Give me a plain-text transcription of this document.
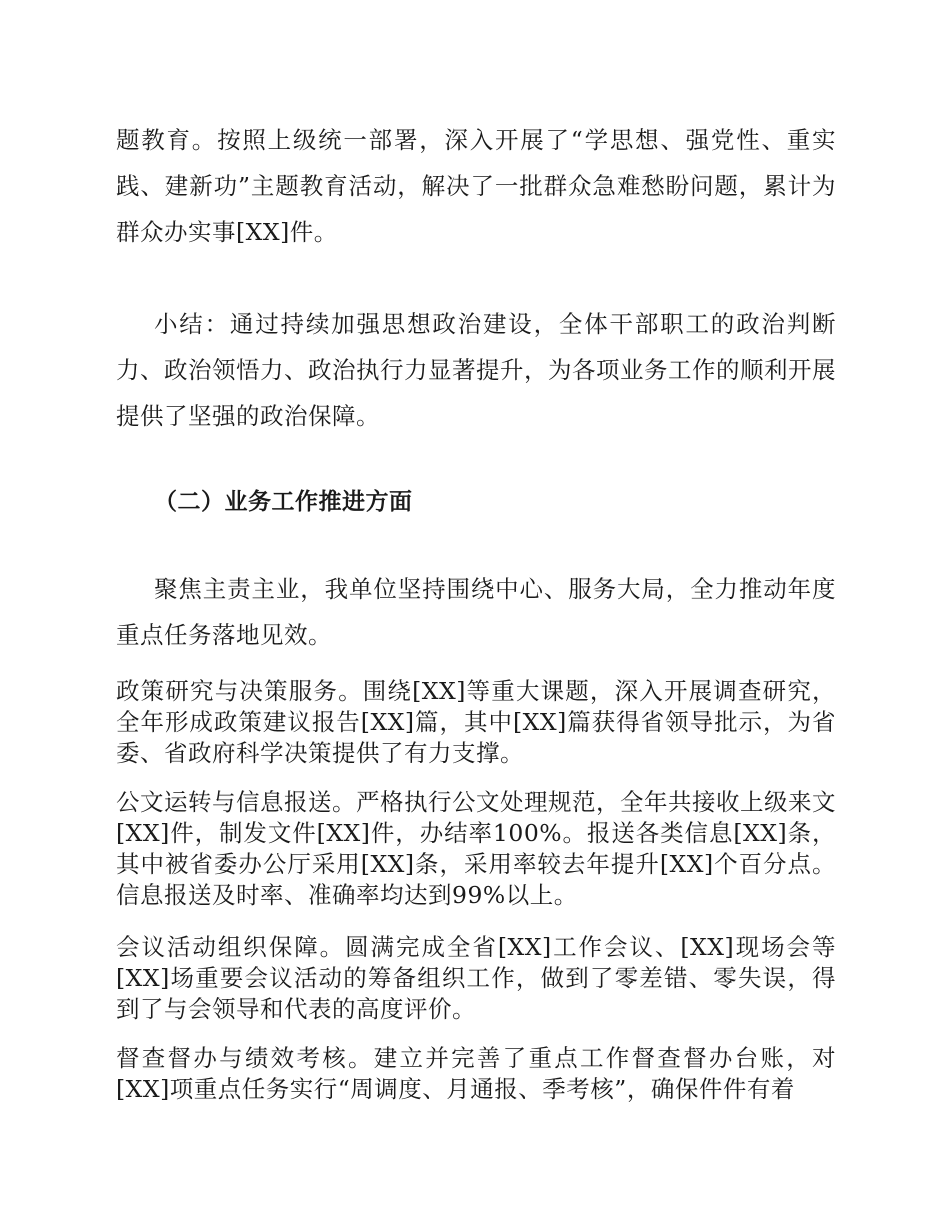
题教育。按照上级统一部署，深入开展了“学思想、强党性、重实践、建新功”主题教育活动，解决了一批群众急难愁盼问题，累计为群众办实事[XX]件。

小结：通过持续加强思想政治建设，全体干部职工的政治判断力、政治领悟力、政治执行力显著提升，为各项业务工作的顺利开展提供了坚强的政治保障。

（二）业务工作推进方面

聚焦主责主业，我单位坚持围绕中心、服务大局，全力推动年度重点任务落地见效。

政策研究与决策服务。围绕[XX]等重大课题，深入开展调查研究，全年形成政策建议报告[XX]篇，其中[XX]篇获得省领导批示，为省委、省政府科学决策提供了有力支撑。

公文运转与信息报送。严格执行公文处理规范，全年共接收上级来文[XX]件，制发文件[XX]件，办结率100%。报送各类信息[XX]条，其中被省委办公厅采用[XX]条，采用率较去年提升[XX]个百分点。信息报送及时率、准确率均达到99%以上。

会议活动组织保障。圆满完成全省[XX]工作会议、[XX]现场会等[XX]场重要会议活动的筹备组织工作，做到了零差错、零失误，得到了与会领导和代表的高度评价。

督查督办与绩效考核。建立并完善了重点工作督查督办台账，对[XX]项重点任务实行“周调度、月通报、季考核”，确保件件有着
